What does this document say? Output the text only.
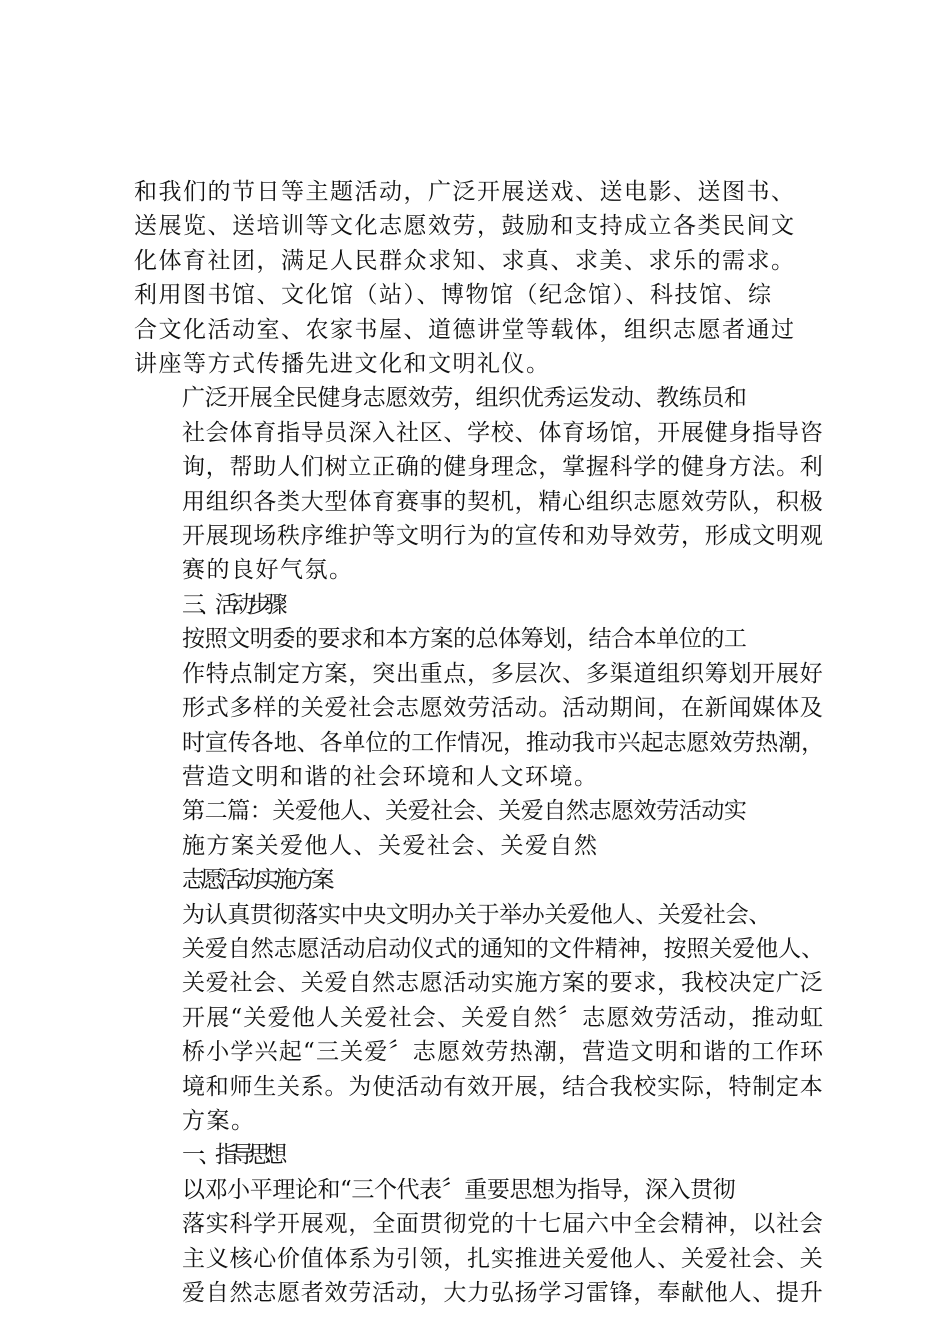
和我们的节日等主题活动，广泛开展送戏、送电影、送图书、
送展览、送培训等文化志愿效劳，鼓励和支持成立各类民间文
化体育社团，满足人民群众求知、求真、求美、求乐的需求。
利用图书馆、文化馆（站）、博物馆（纪念馆）、科技馆、综
合文化活动室、农家书屋、道德讲堂等载体，组织志愿者通过
讲座等方式传播先进文化和文明礼仪。

广泛开展全民健身志愿效劳，组织优秀运发动、教练员和
社会体育指导员深入社区、学校、体育场馆，开展健身指导咨
询，帮助人们树立正确的健身理念，掌握科学的健身方法。利
用组织各类大型体育赛事的契机，精心组织志愿效劳队，积极
开展现场秩序维护等文明行为的宣传和劝导效劳，形成文明观
赛的良好气氛。

三、活动步骤

按照文明委的要求和本方案的总体筹划，结合本单位的工
作特点制定方案，突出重点，多层次、多渠道组织筹划开展好
形式多样的关爱社会志愿效劳活动。活动期间，在新闻媒体及
时宣传各地、各单位的工作情况，推动我市兴起志愿效劳热潮，
营造文明和谐的社会环境和人文环境。

第二篇：关爱他人、关爱社会、关爱自然志愿效劳活动实
施方案关爱他人、关爱社会、关爱自然

志愿活动实施方案

为认真贯彻落实中央文明办关于举办关爱他人、关爱社会、
关爱自然志愿活动启动仪式的通知的文件精神，按照关爱他人、
关爱社会、关爱自然志愿活动实施方案的要求，我校决定广泛
开展“关爱他人关爱社会、关爱自然〞志愿效劳活动，推动虹
桥小学兴起“三关爱〞志愿效劳热潮，营造文明和谐的工作环
境和师生关系。为使活动有效开展，结合我校实际，特制定本
方案。

一、指导思想

以邓小平理论和“三个代表〞重要思想为指导，深入贯彻
落实科学开展观，全面贯彻党的十七届六中全会精神，以社会
主义核心价值体系为引领，扎实推进关爱他人、关爱社会、关
爱自然志愿者效劳活动，大力弘扬学习雷锋，奉献他人、提升
